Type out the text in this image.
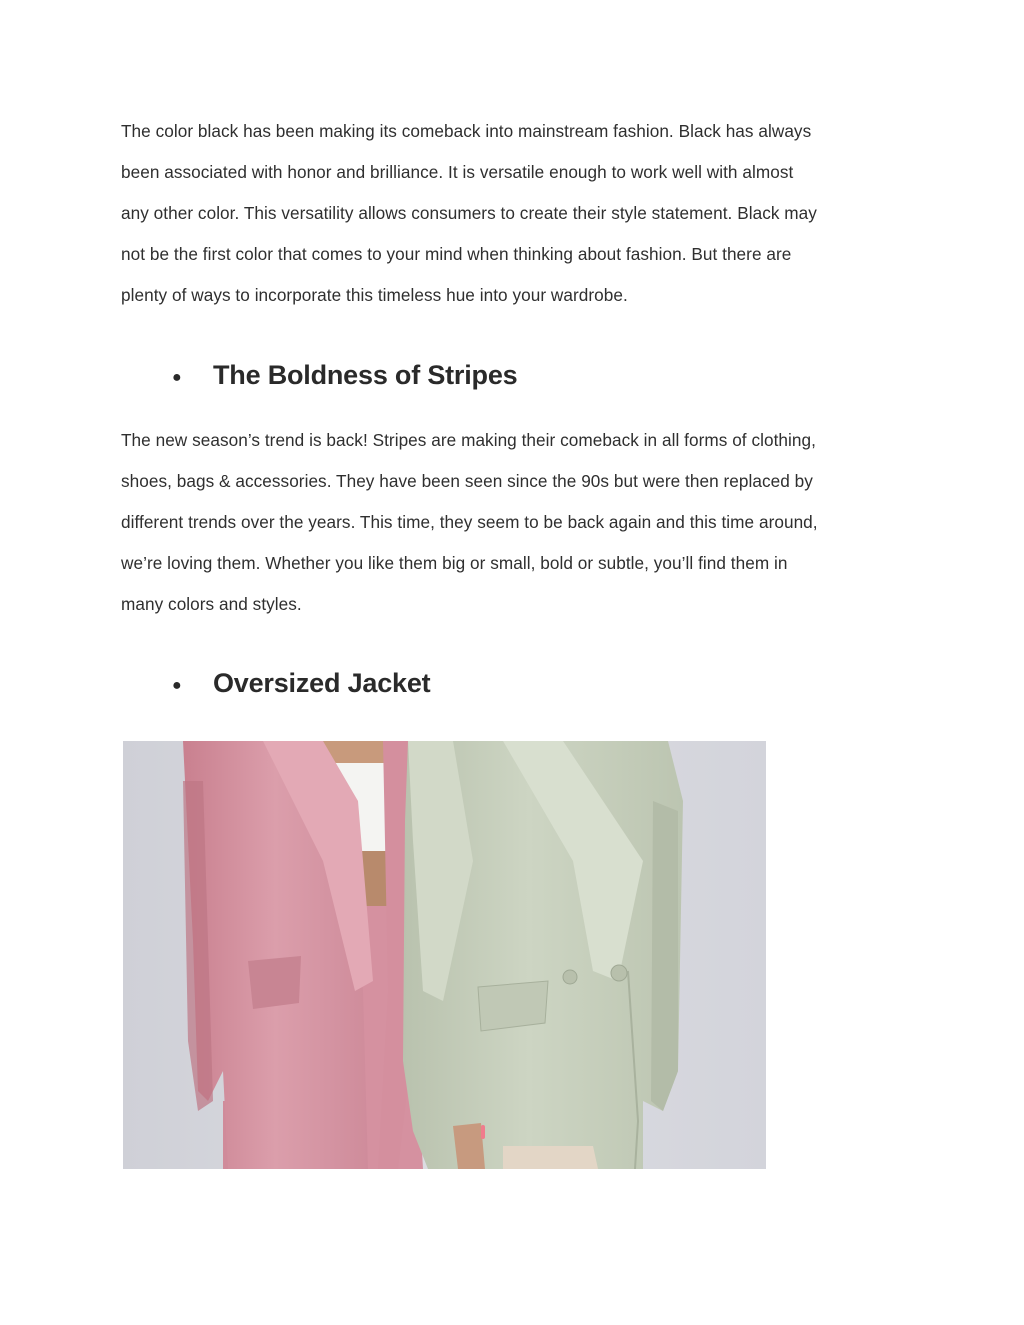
The color black has been making its comeback into mainstream fashion. Black has always
been associated with honor and brilliance. It is versatile enough to work well with almost
any other color. This versatility allows consumers to create their style statement. Black may
not be the first color that comes to your mind when thinking about fashion. But there are
plenty of ways to incorporate this timeless hue into your wardrobe.

●	The Boldness of Stripes

The new season’s trend is back! Stripes are making their comeback in all forms of clothing,
shoes, bags & accessories. They have been seen since the 90s but were then replaced by
different trends over the years. This time, they seem to be back again and this time around,
we’re loving them. Whether you like them big or small, bold or subtle, you’ll find them in
many colors and styles.

●	Oversized Jacket
